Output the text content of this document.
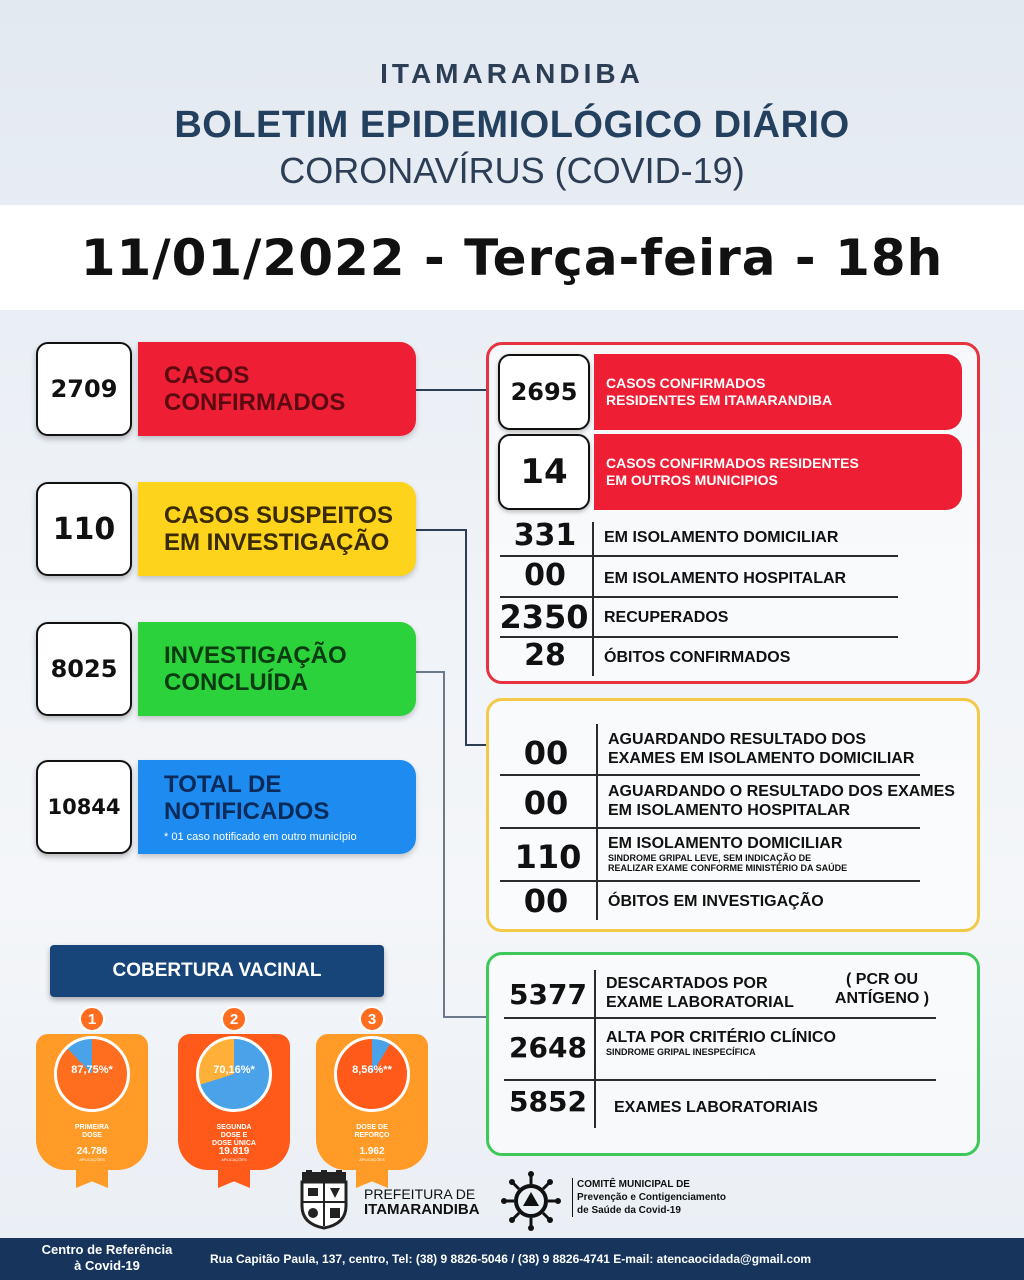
ITAMARANDIBA
BOLETIM EPIDEMIOLÓGICO DIÁRIO
CORONAVÍRUS (COVID-19)
11/01/2022 - Terça-feira - 18h
2709	CASOS
CONFIRMADOS
110	CASOS SUSPEITOS
EM INVESTIGAÇÃO
8025	INVESTIGAÇÃO
CONCLUÍDA
10844
TOTAL DE
NOTIFICADOS
* 01 caso notificado em outro município
2695	CASOS CONFIRMADOS
RESIDENTES EM ITAMARANDIBA
14	CASOS CONFIRMADOS RESIDENTES
EM OUTROS MUNICIPIOS
331	EM ISOLAMENTO DOMICILIAR
00	EM ISOLAMENTO HOSPITALAR
2350 RECUPERADOS
28	ÓBITOS CONFIRMADOS
00	AGUARDANDO RESULTADO DOS
EXAMES EM ISOLAMENTO DOMICILIAR
00	AGUARDANDO O RESULTADO DOS EXAMES
EM ISOLAMENTO HOSPITALAR
110	EM ISOLAMENTO DOMICILIAR
SINDROME GRIPAL LEVE, SEM INDICAÇÃO DE
REALIZAR EXAME CONFORME MINISTÉRIO DA SAÚDE
00	ÓBITOS EM INVESTIGAÇÃO
5377	DESCARTADOS POR
EXAME LABORATORIAL
( PCR OU
ANTÍGENO )
2648	ALTA POR CRITÉRIO CLÍNICO
SINDROME GRIPAL INESPECÍFICA
5852	EXAMES LABORATORIAIS
COBERTURA VACINAL
87,75%*
1
PRIMEIRA
DOSE
24.786
APLICAÇÕES
70,16%*
2
SEGUNDA
DOSE E
DOSE ÚNICA
19.819
APLICAÇÕES
8,56%**
3
DOSE DE
REFORÇO
1.962
APLICAÇÕES
PREFEITURA DE
ITAMARANDIBA
COMITÊ MUNICIPAL DE
Prevenção e Contigenciamento
de Saúde da Covid-19
Centro de Referência
à Covid-19	Rua Capitão Paula, 137, centro, Tel: (38) 9 8826-5046 / (38) 9 8826-4741 E-mail: atencaocidada@gmail.com
